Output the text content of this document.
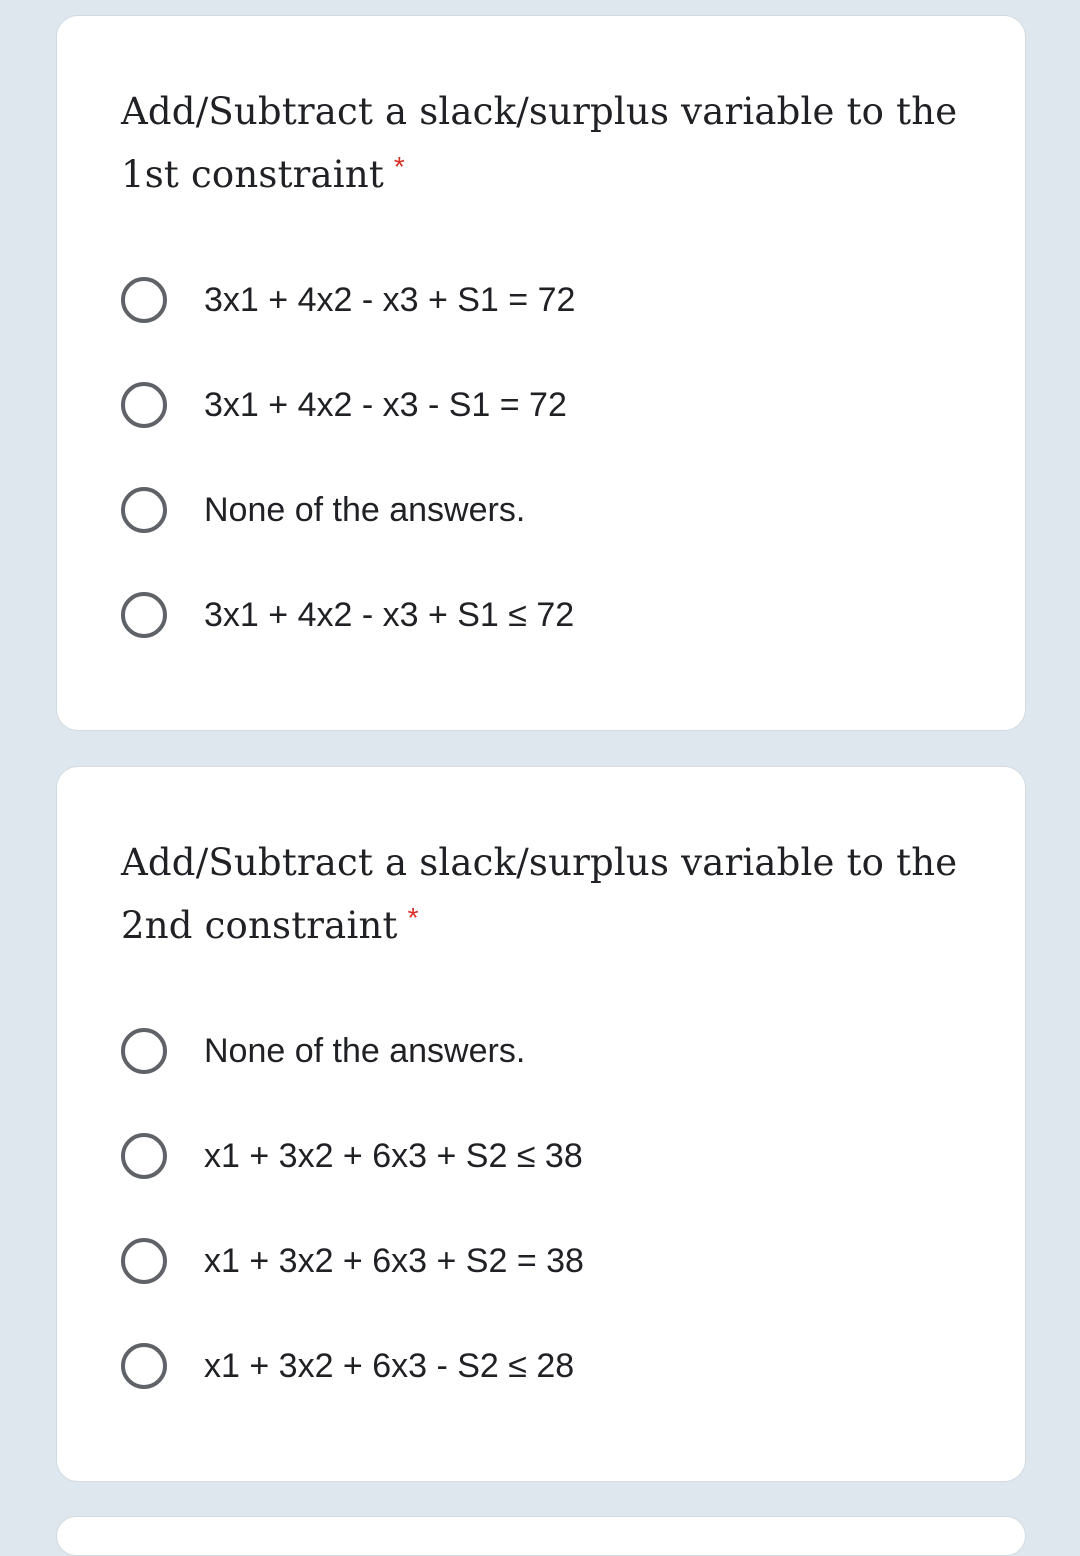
Add/Subtract a slack/surplus variable to the 1st constraint *
3x1 + 4x2 - x3 + S1 = 72
3x1 + 4x2 - x3 - S1 = 72
None of the answers.
3x1 + 4x2 - x3 + S1 ≤ 72
Add/Subtract a slack/surplus variable to the 2nd constraint *
None of the answers.
x1 + 3x2 + 6x3 + S2 ≤ 38
x1 + 3x2 + 6x3 + S2 = 38
x1 + 3x2 + 6x3 - S2 ≤ 28
